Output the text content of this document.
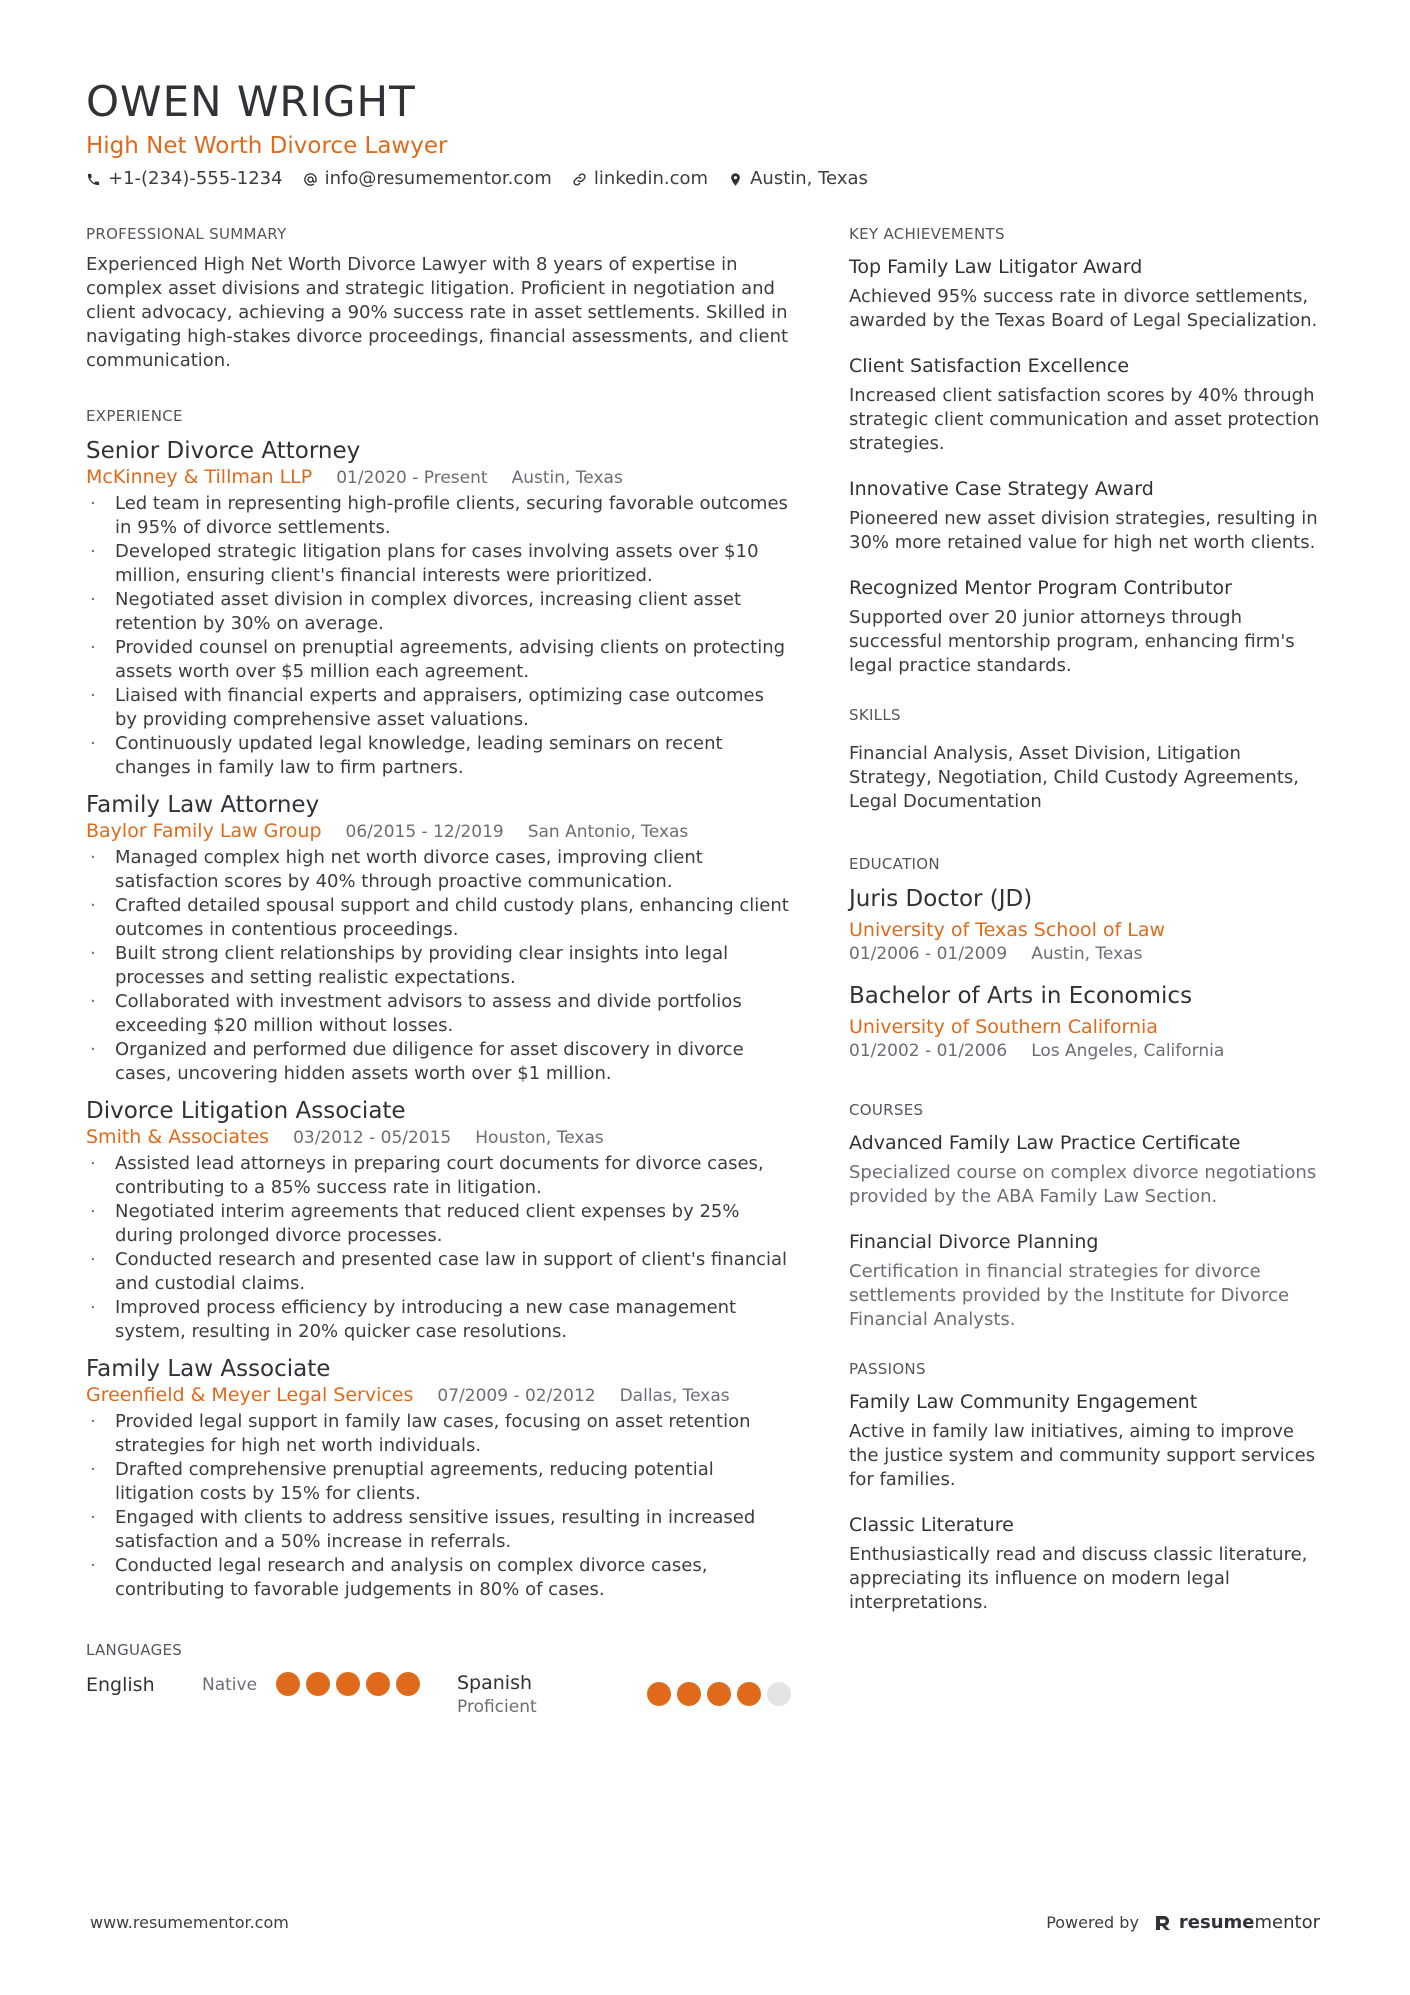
OWEN WRIGHT
High Net Worth Divorce Lawyer
+1-(234)-555-1234 info@resumementor.com linkedin.com Austin, Texas
PROFESSIONAL SUMMARY

Experienced High Net Worth Divorce Lawyer with 8 years of expertise in complex asset divisions and strategic litigation. Proficient in negotiation and client advocacy, achieving a 90% success rate in asset settlements. Skilled in navigating high-stakes divorce proceedings, financial assessments, and client communication.

EXPERIENCE
Senior Divorce Attorney
McKinney & Tillman LLP 01/2020 - Present Austin, Texas
· Led team in representing high-profile clients, securing favorable outcomes in 95% of divorce settlements.
· Developed strategic litigation plans for cases involving assets over $10 million, ensuring client's financial interests were prioritized.
· Negotiated asset division in complex divorces, increasing client asset retention by 30% on average.
· Provided counsel on prenuptial agreements, advising clients on protecting assets worth over $5 million each agreement.
· Liaised with financial experts and appraisers, optimizing case outcomes by providing comprehensive asset valuations.
· Continuously updated legal knowledge, leading seminars on recent changes in family law to firm partners.
Family Law Attorney
Baylor Family Law Group 06/2015 - 12/2019 San Antonio, Texas
· Managed complex high net worth divorce cases, improving client satisfaction scores by 40% through proactive communication.
· Crafted detailed spousal support and child custody plans, enhancing client outcomes in contentious proceedings.
· Built strong client relationships by providing clear insights into legal processes and setting realistic expectations.
· Collaborated with investment advisors to assess and divide portfolios exceeding $20 million without losses.
· Organized and performed due diligence for asset discovery in divorce cases, uncovering hidden assets worth over $1 million.
Divorce Litigation Associate
Smith & Associates 03/2012 - 05/2015 Houston, Texas
· Assisted lead attorneys in preparing court documents for divorce cases, contributing to a 85% success rate in litigation.
· Negotiated interim agreements that reduced client expenses by 25% during prolonged divorce processes.
· Conducted research and presented case law in support of client's financial and custodial claims.
· Improved process efficiency by introducing a new case management system, resulting in 20% quicker case resolutions.
Family Law Associate
Greenfield & Meyer Legal Services 07/2009 - 02/2012 Dallas, Texas
· Provided legal support in family law cases, focusing on asset retention strategies for high net worth individuals.
· Drafted comprehensive prenuptial agreements, reducing potential litigation costs by 15% for clients.
· Engaged with clients to address sensitive issues, resulting in increased satisfaction and a 50% increase in referrals.
· Conducted legal research and analysis on complex divorce cases, contributing to favorable judgements in 80% of cases.
LANGUAGES
English	Native	Spanish
Proficient
KEY ACHIEVEMENTS
Top Family Law Litigator Award
Achieved 95% success rate in divorce settlements, awarded by the Texas Board of Legal Specialization.
Client Satisfaction Excellence
Increased client satisfaction scores by 40% through strategic client communication and asset protection strategies.
Innovative Case Strategy Award
Pioneered new asset division strategies, resulting in 30% more retained value for high net worth clients.
Recognized Mentor Program Contributor
Supported over 20 junior attorneys through successful mentorship program, enhancing firm's legal practice standards.
SKILLS
Financial Analysis, Asset Division, Litigation Strategy, Negotiation, Child Custody Agreements, Legal Documentation
EDUCATION
Juris Doctor (JD)
University of Texas School of Law
01/2006 - 01/2009 Austin, Texas
Bachelor of Arts in Economics
University of Southern California
01/2002 - 01/2006 Los Angeles, California
COURSES
Advanced Family Law Practice Certificate
Specialized course on complex divorce negotiations provided by the ABA Family Law Section.
Financial Divorce Planning
Certification in financial strategies for divorce settlements provided by the Institute for Divorce Financial Analysts.
PASSIONS
Family Law Community Engagement
Active in family law initiatives, aiming to improve the justice system and community support services for families.
Classic Literature
Enthusiastically read and discuss classic literature, appreciating its influence on modern legal interpretations.
www.resumementor.com	Powered by resumementor
